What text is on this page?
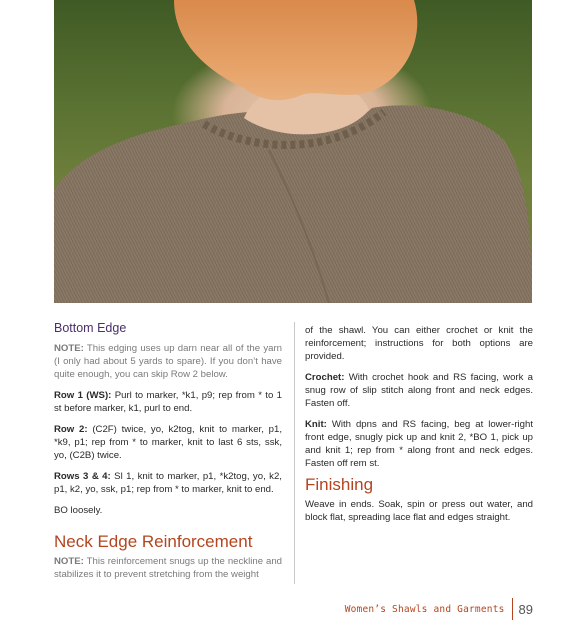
Bottom Edge

NOTE: This edging uses up darn near all of the yarn (I only had about 5 yards to spare). If you don’t have quite enough, you can skip Row 2 below.

Row 1 (WS): Purl to marker, *k1, p9; rep from * to 1 st before marker, k1, purl to end.

Row 2: (C2F) twice, yo, k2tog, knit to marker, p1, *k9, p1; rep from * to marker, knit to last 6 sts, ssk, yo, (C2B) twice.

Rows 3 & 4: Sl 1, knit to marker, p1, *k2tog, yo, k2, p1, k2, yo, ssk, p1; rep from * to marker, knit to end.

BO loosely.

Neck Edge Reinforcement

NOTE: This reinforcement snugs up the neckline and stabilizes it to prevent stretching from the weight

of the shawl. You can either crochet or knit the reinforcement; instructions for both options are provided.

Crochet: With crochet hook and RS facing, work a snug row of slip stitch along front and neck edges. Fasten off.

Knit: With dpns and RS facing, beg at lower-right front edge, snugly pick up and knit 2, *BO 1, pick up and knit 1; rep from * along front and neck edges. Fasten off rem st.

Finishing

Weave in ends. Soak, spin or press out water, and block flat, spreading lace flat and edges straight.

Women’s Shawls and Garments	89
